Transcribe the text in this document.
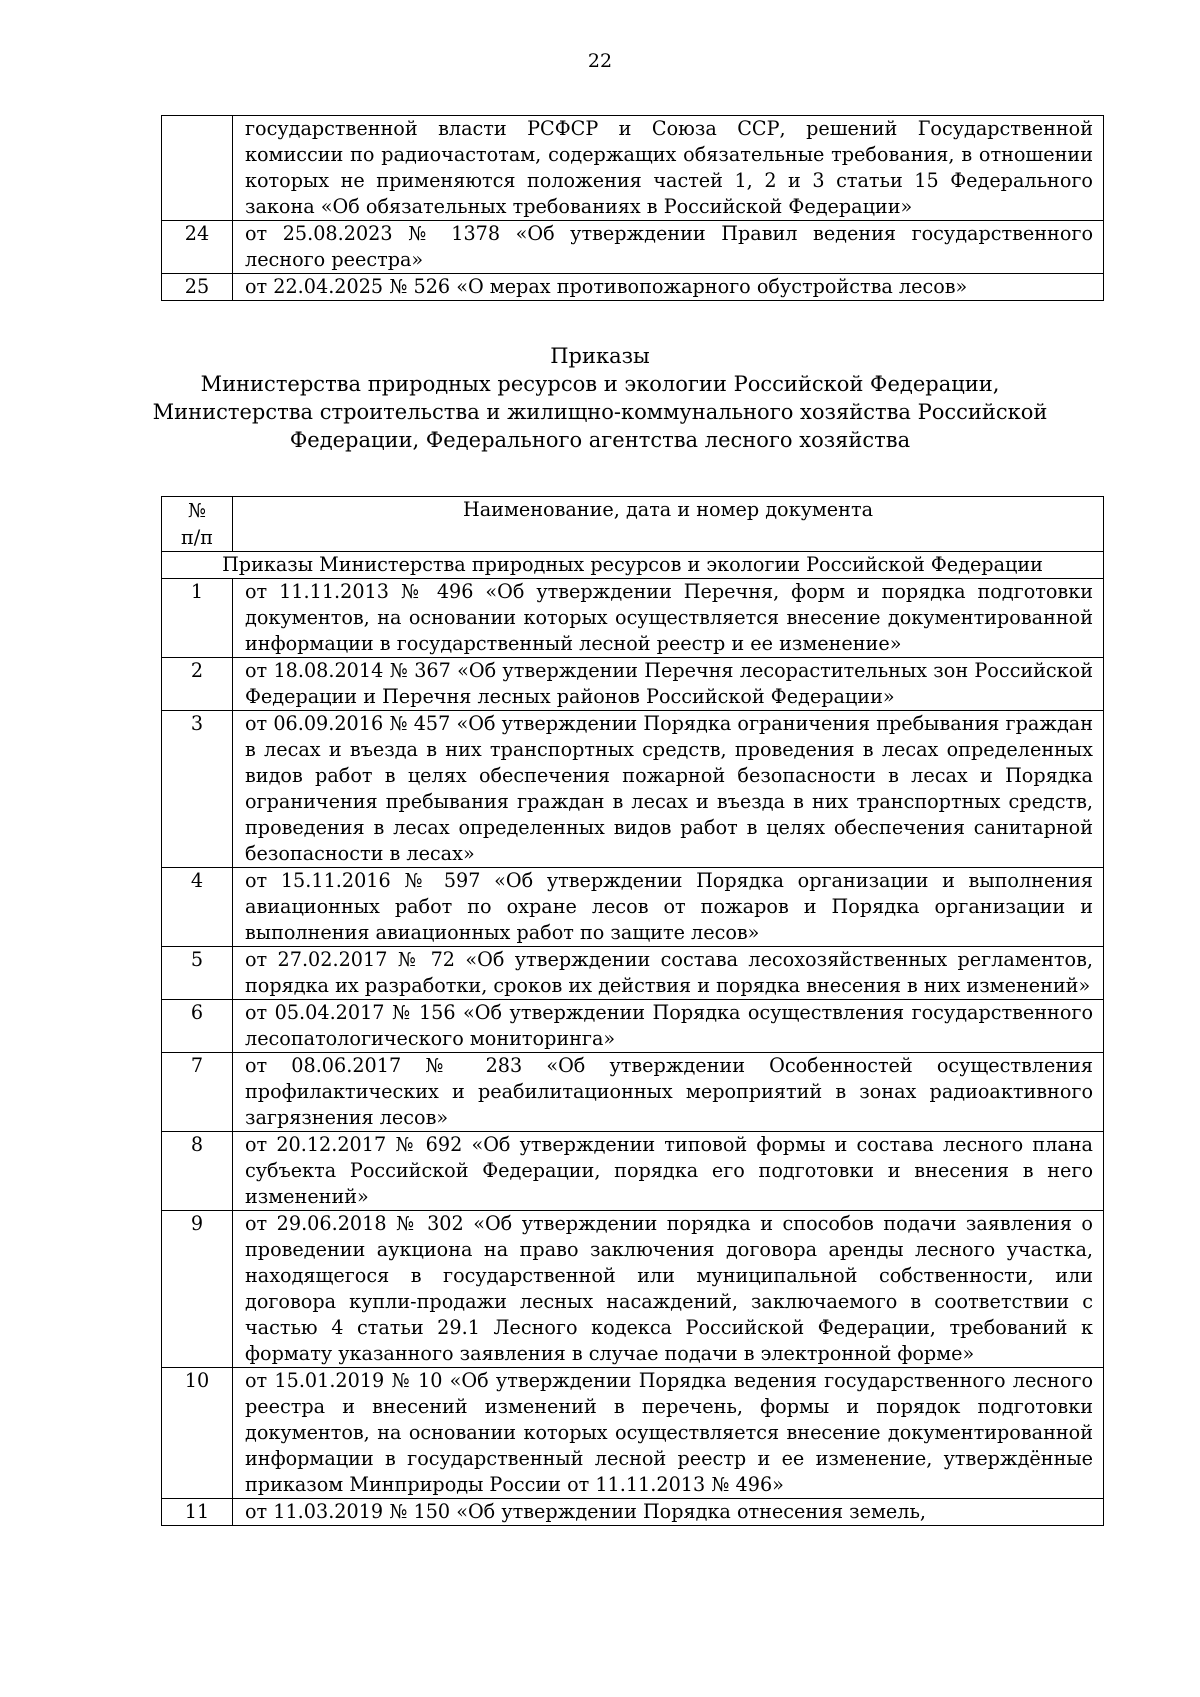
22
	государственной власти РСФСР и Союза ССР, решений Государственной комиссии по радиочастотам, содержащих обязательные требования, в отношении которых не применяются положения частей 1, 2 и 3 статьи 15 Федерального закона «Об обязательных требованиях в Российской Федерации»
24	от 25.08.2023 № 1378 «Об утверждении Правил ведения государственного лесного реестра»
25	от 22.04.2025 № 526 «О мерах противопожарного обустройства лесов»
Приказы
Министерства природных ресурсов и экологии Российской Федерации,
Министерства строительства и жилищно-коммунального хозяйства Российской
Федерации, Федерального агентства лесного хозяйства
№
п/п	Наименование, дата и номер документа
Приказы Министерства природных ресурсов и экологии Российской Федерации	
1	от 11.11.2013 № 496 «Об утверждении Перечня, форм и порядка подготовки документов, на основании которых осуществляется внесение документированной информации в государственный лесной реестр и ее изменение»
2	от 18.08.2014 № 367 «Об утверждении Перечня лесорастительных зон Российской Федерации и Перечня лесных районов Российской Федерации»
3	от 06.09.2016 № 457 «Об утверждении Порядка ограничения пребывания граждан в лесах и въезда в них транспортных средств, проведения в лесах определенных видов работ в целях обеспечения пожарной безопасности в лесах и Порядка ограничения пребывания граждан в лесах и въезда в них транспортных средств, проведения в лесах определенных видов работ в целях обеспечения санитарной безопасности в лесах»
4	от 15.11.2016 № 597 «Об утверждении Порядка организации и выполнения авиационных работ по охране лесов от пожаров и Порядка организации и выполнения авиационных работ по защите лесов»
5	от 27.02.2017 № 72 «Об утверждении состава лесохозяйственных регламентов, порядка их разработки, сроков их действия и порядка внесения в них изменений»
6	от 05.04.2017 № 156 «Об утверждении Порядка осуществления государственного лесопатологического мониторинга»
7	от 08.06.2017 № 283 «Об утверждении Особенностей осуществления профилактических и реабилитационных мероприятий в зонах радиоактивного загрязнения лесов»
8	от 20.12.2017 № 692 «Об утверждении типовой формы и состава лесного плана субъекта Российской Федерации, порядка его подготовки и внесения в него изменений»
9	от 29.06.2018 № 302 «Об утверждении порядка и способов подачи заявления о проведении аукциона на право заключения договора аренды лесного участка, находящегося в государственной или муниципальной собственности, или договора купли-продажи лесных насаждений, заключаемого в соответствии с частью 4 статьи 29.1 Лесного кодекса Российской Федерации, требований к формату указанного заявления в случае подачи в электронной форме»
10	от 15.01.2019 № 10 «Об утверждении Порядка ведения государственного лесного реестра и внесений изменений в перечень, формы и порядок подготовки документов, на основании которых осуществляется внесение документированной информации в государственный лесной реестр и ее изменение, утверждённые приказом Минприроды России от 11.11.2013 № 496»
11	от 11.03.2019 № 150 «Об утверждении Порядка отнесения земель,
